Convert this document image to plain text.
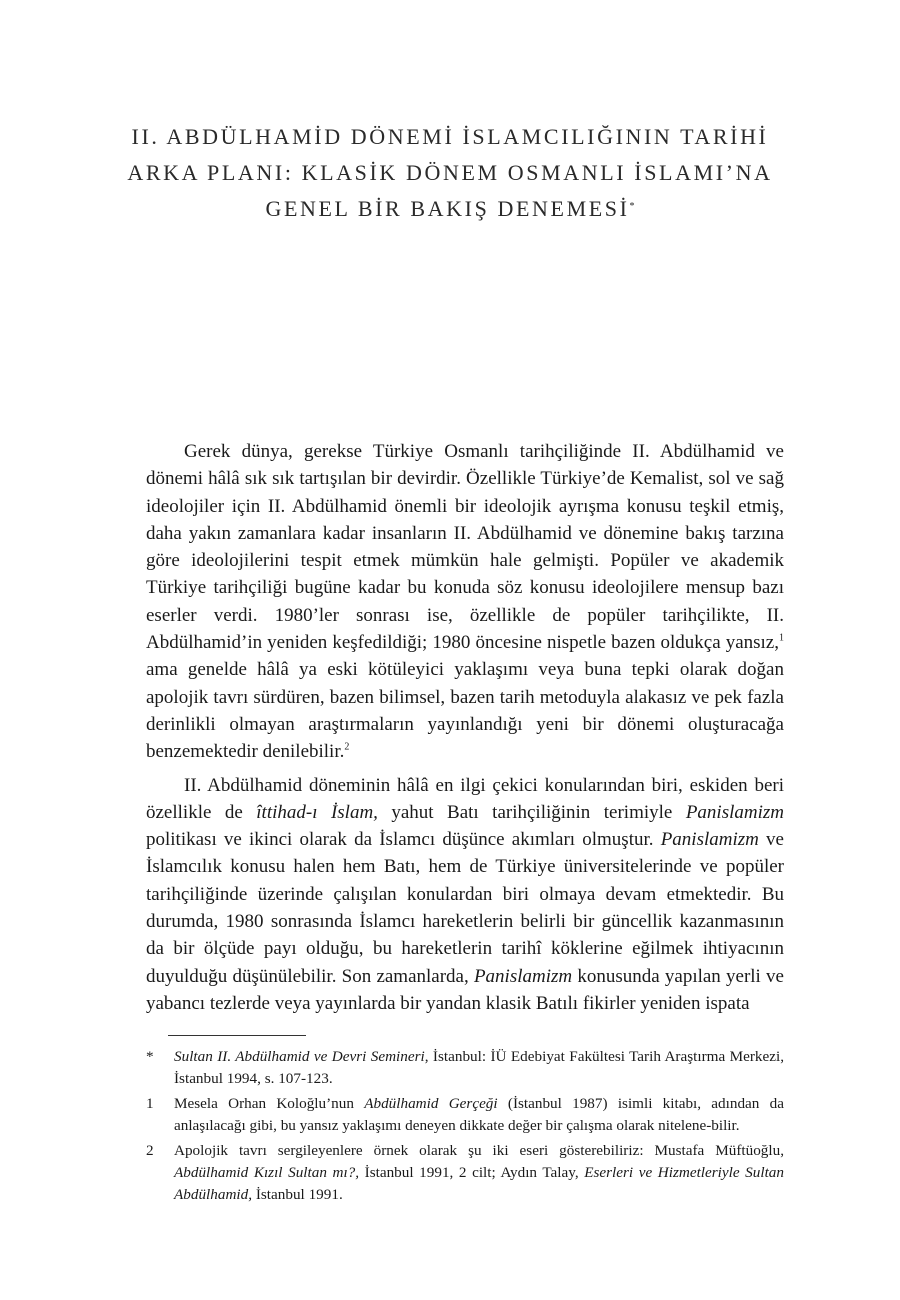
II. ABDÜLHAMİD DÖNEMİ İSLAMCILIĞININ TARİHİ
ARKA PLANI: KLASİK DÖNEM OSMANLI İSLAMI’NA
GENEL BİR BAKIŞ DENEMESİ*

Gerek dünya, gerekse Türkiye Osmanlı tarihçiliğinde II. Abdülhamid ve dönemi hâlâ sık sık tartışılan bir devirdir. Özellikle Türkiye’de Kemalist, sol ve sağ ideolojiler için II. Abdülhamid önemli bir ideolojik ayrışma konusu teşkil etmiş, daha yakın zamanlara kadar insanların II. Abdülhamid ve dönemine bakış tarzına göre ideolojilerini tespit etmek mümkün hale gelmişti. Popüler ve akademik Türkiye tarihçiliği bugüne kadar bu konuda söz konusu ideolojilere mensup bazı eserler verdi. 1980’ler sonrası ise, özellikle de popüler tarihçilikte, II. Abdülhamid’in yeniden keşfedildiği; 1980 öncesine nispetle bazen oldukça yansız,$^1$ ama genelde hâlâ ya eski kötüleyici yaklaşımı veya buna tepki olarak doğan apolojik tavrı sürdüren, bazen bilimsel, bazen tarih metoduyla alakasız ve pek fazla derinlikli olmayan araştırmaların yayınlandığı yeni bir dönemi oluşturacağa benzemektedir denilebilir.$^2$

II. Abdülhamid döneminin hâlâ en ilgi çekici konularından biri, eskiden beri özellikle de îttihad-ı İslam, yahut Batı tarihçiliğinin terimiyle Panislamizm politikası ve ikinci olarak da İslamcı düşünce akımları olmuştur. Panislamizm ve İslamcılık konusu halen hem Batı, hem de Türkiye üniversitelerinde ve popüler tarihçiliğinde üzerinde çalışılan konulardan biri olmaya devam etmektedir. Bu durumda, 1980 sonrasında İslamcı hareketlerin belirli bir güncellik kazanmasının da bir ölçüde payı olduğu, bu hareketlerin tarihî köklerine eğilmek ihtiyacının duyulduğu düşünülebilir. Son zamanlarda, Panislamizm konusunda yapılan yerli ve yabancı tezlerde veya yayınlarda bir yandan klasik Batılı fikirler yeniden ispata

*	Sultan II. Abdülhamid ve Devri Semineri, İstanbul: İÜ Edebiyat Fakültesi Tarih Araştırma Merkezi, İstanbul 1994, s. 107-123.
1	Mesela Orhan Koloğlu’nun Abdülhamid Gerçeği (İstanbul 1987) isimli kitabı, adından da anlaşılacağı gibi, bu yansız yaklaşımı deneyen dikkate değer bir çalışma olarak nitelene-bilir.
2	Apolojik tavrı sergileyenlere örnek olarak şu iki eseri gösterebiliriz: Mustafa Müftüoğlu, Abdülhamid Kızıl Sultan mı?, İstanbul 1991, 2 cilt; Aydın Talay, Eserleri ve Hizmetleriyle Sultan Abdülhamid, İstanbul 1991.
